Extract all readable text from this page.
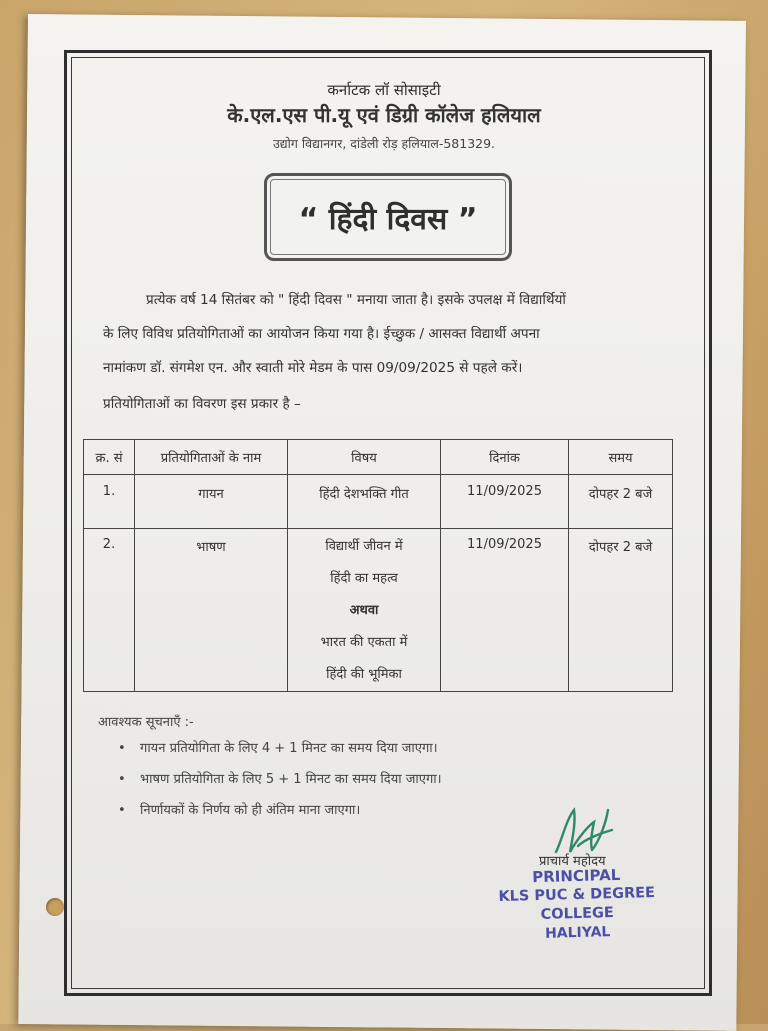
कर्नाटक लॉ सोसाइटी
के.एल.एस पी.यू एवं डिग्री कॉलेज हलियाल
उद्योग विद्यानगर, दांडेली रोड़ हलियाल-581329.
“ हिंदी दिवस ”
प्रत्येक वर्ष 14 सितंबर को " हिंदी दिवस " मनाया जाता है। इसके उपलक्ष में विद्यार्थियों
के लिए विविध प्रतियोगिताओं का आयोजन किया गया है। ईच्छुक / आसक्त विद्यार्थी अपना
नामांकण डॉ. संगमेश एन. और स्वाती मोरे मेडम के पास 09/09/2025 से पहले करें।
प्रतियोगिताओं का विवरण इस प्रकार है –
क्र. सं	प्रतियोगिताओं के नाम	विषय	दिनांक	समय
1.	गायन	हिंदी देशभक्ति गीत	11/09/2025	दोपहर 2 बजे
2.	भाषण	विद्यार्थी जीवन में
हिंदी का महत्व
अथवा
भारत की एकता में
हिंदी की भूमिका	11/09/2025	दोपहर 2 बजे
आवश्यक सूचनाएँ :-
• गायन प्रतियोगिता के लिए 4 + 1 मिनट का समय दिया जाएगा।
• भाषण प्रतियोगिता के लिए 5 + 1 मिनट का समय दिया जाएगा।
• निर्णायकों के निर्णय को ही अंतिम माना जाएगा।
प्राचार्य महोदय
PRINCIPAL
KLS PUC & DEGREE COLLEGE
HALIYAL
